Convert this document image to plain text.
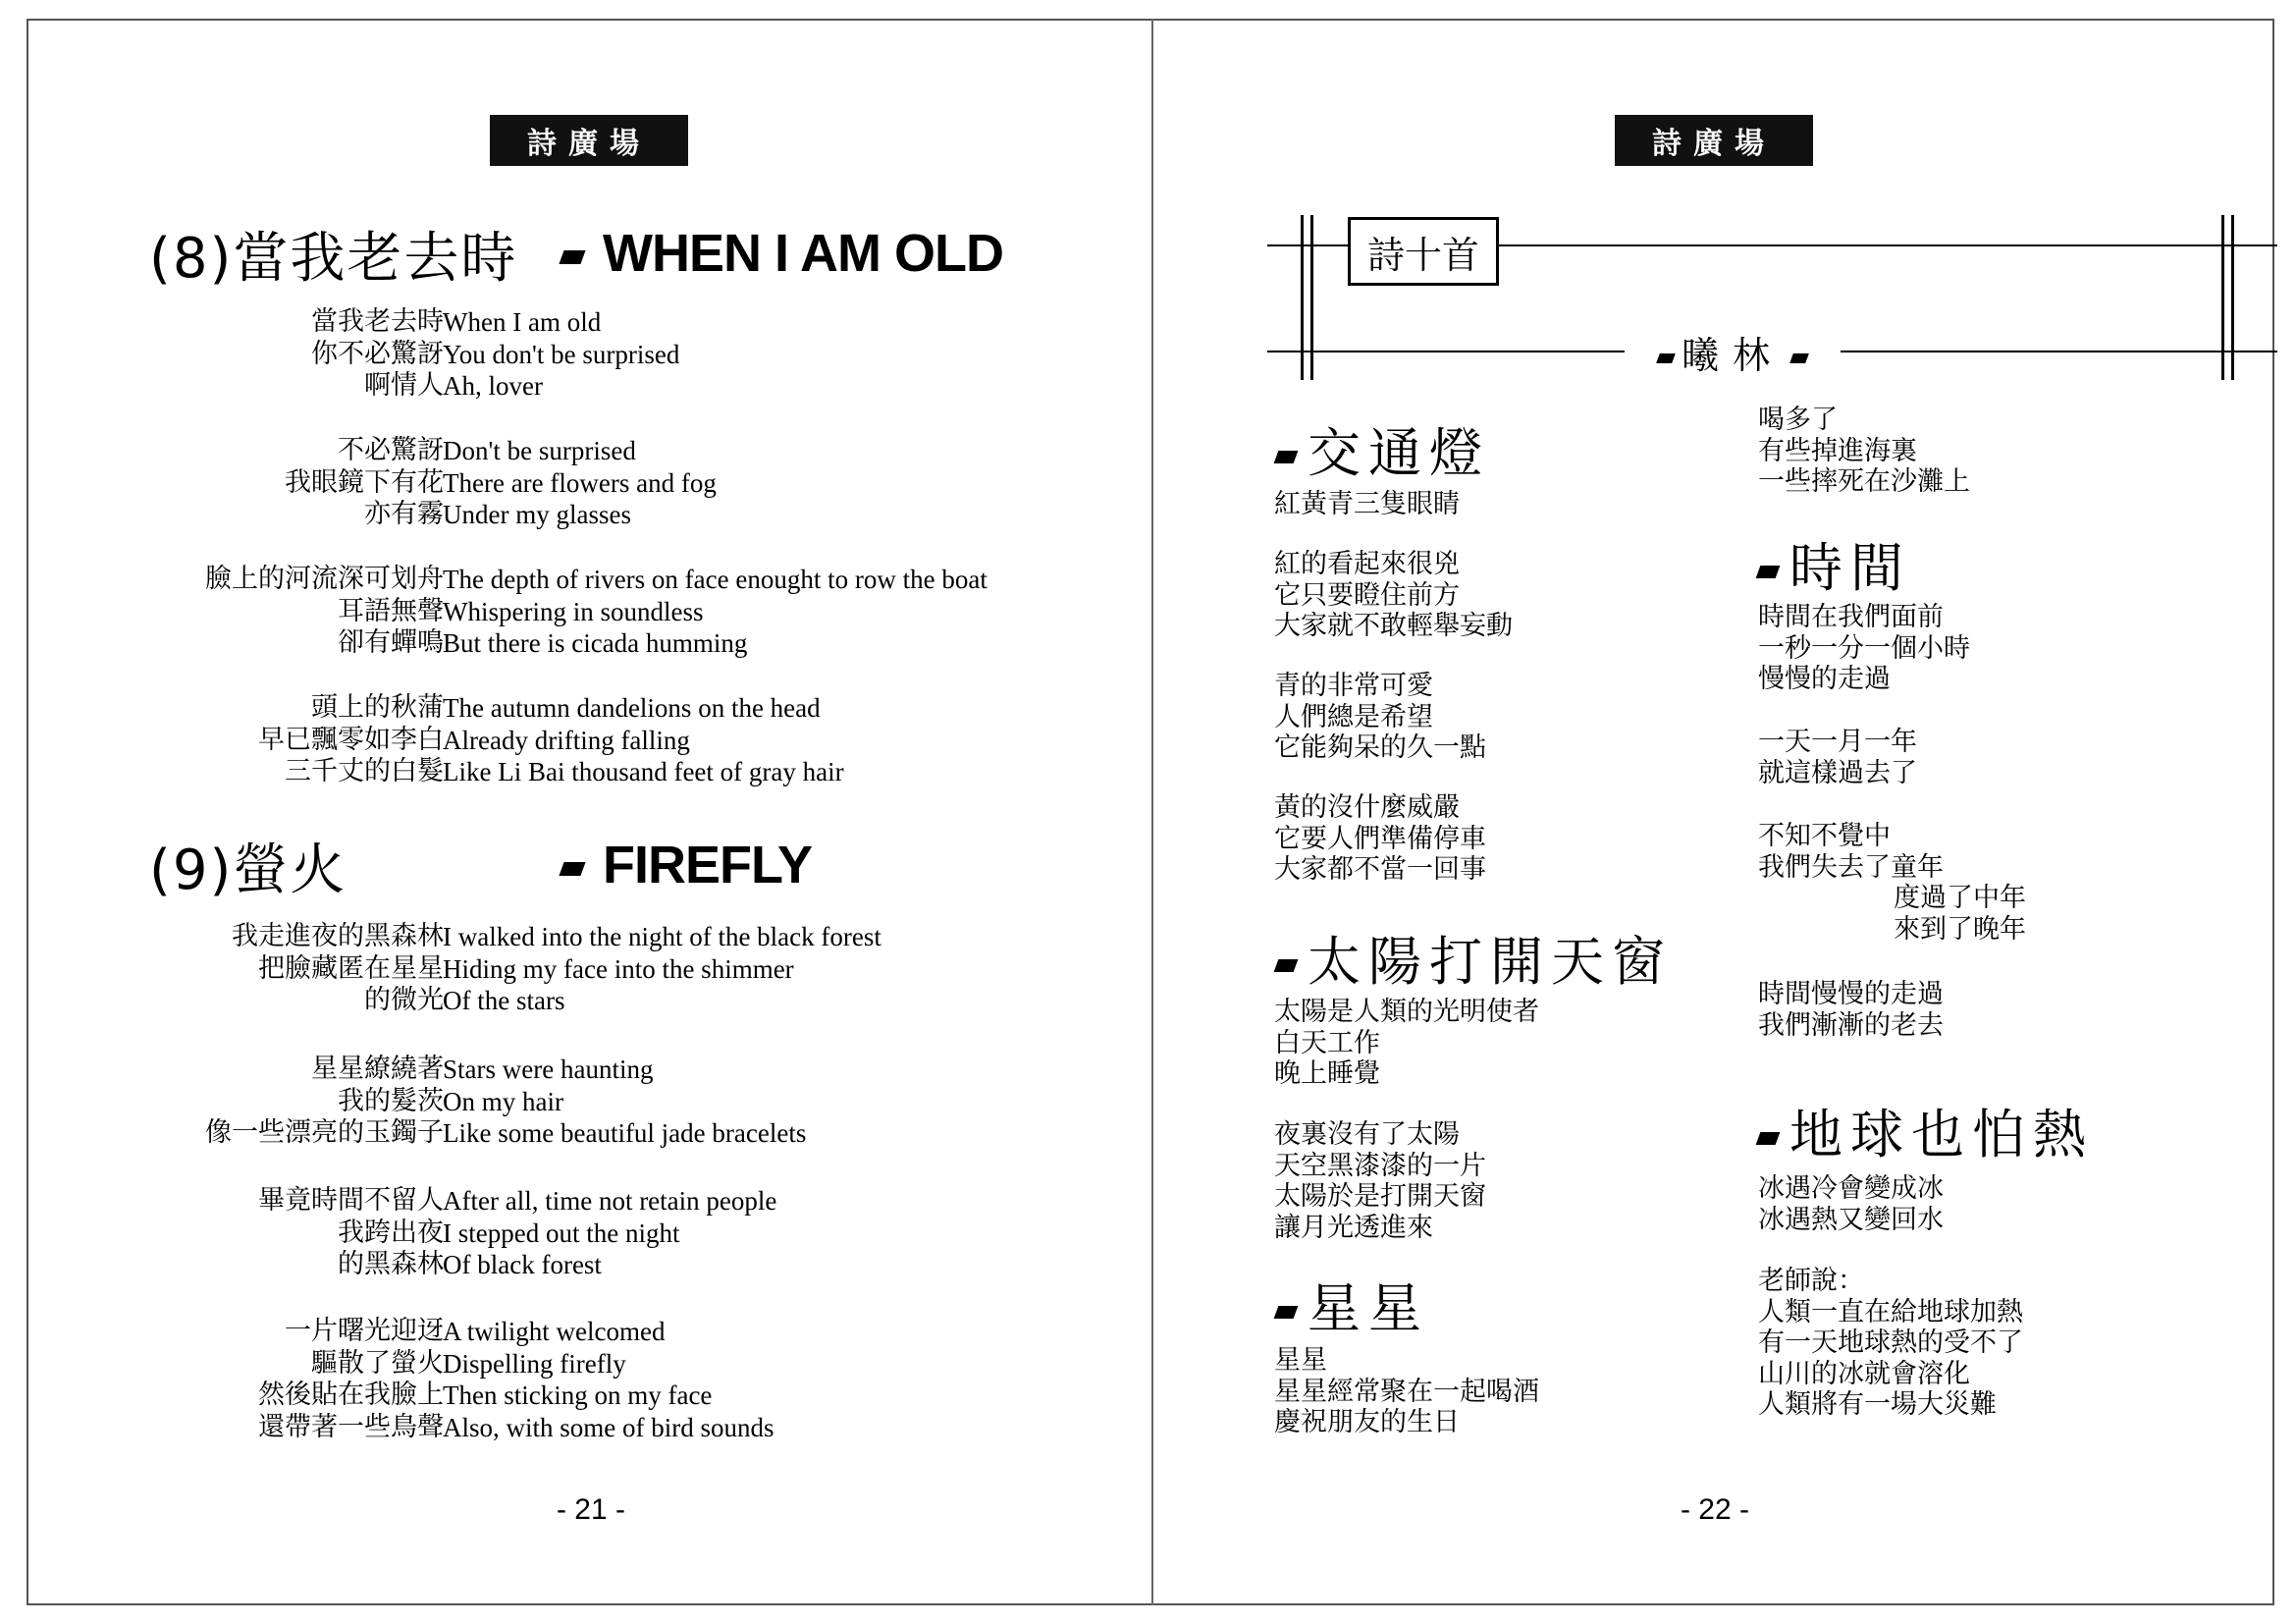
詩廣場
(8)當我老去時	WHEN I AM OLD
當我老去時 When I am old
你不必驚訝 You don't be surprised
啊情人 Ah, lover
不必驚訝 Don't be surprised
我眼鏡下有花 There are flowers and fog
亦有霧 Under my glasses
臉上的河流深可划舟 The depth of rivers on face enought to row the boat
耳語無聲 Whispering in soundless
卻有蟬鳴 But there is cicada humming
頭上的秋蒲 The autumn dandelions on the head
早已飄零如李白 Already drifting falling
三千丈的白髮 Like Li Bai thousand feet of gray hair
(9)螢火	FIREFLY
我走進夜的黑森林 I walked into the night of the black forest
把臉藏匿在星星 Hiding my face into the shimmer
的微光 Of the stars
星星繚繞著 Stars were haunting
我的髮茨 On my hair
像一些漂亮的玉鐲子 Like some beautiful jade bracelets
畢竟時間不留人 After all, time not retain people
我跨出夜 I stepped out the night
的黑森林 Of black forest
一片曙光迎迓 A twilight welcomed
驅散了螢火 Dispelling firefly
然後貼在我臉上 Then sticking on my face
還帶著一些鳥聲 Also, with some of bird sounds
- 21 -
詩廣場
詩十首
曦林
交通燈
紅黃青三隻眼睛
紅的看起來很兇
它只要瞪住前方
大家就不敢輕舉妄動
青的非常可愛
人們總是希望
它能夠呆的久一點
黃的沒什麼威嚴
它要人們準備停車
大家都不當一回事
太陽打開天窗
太陽是人類的光明使者
白天工作
晚上睡覺
夜裏沒有了太陽
天空黑漆漆的一片
太陽於是打開天窗
讓月光透進來
星星
星星
星星經常聚在一起喝酒
慶祝朋友的生日
喝多了
有些掉進海裏
一些摔死在沙灘上
時間
時間在我們面前
一秒一分一個小時
慢慢的走過
一天一月一年
就這樣過去了
不知不覺中
我們失去了童年
度過了中年
來到了晚年
時間慢慢的走過
我們漸漸的老去
地球也怕熱
冰遇冷會變成冰
冰遇熱又變回水
老師說：
人類一直在給地球加熱
有一天地球熱的受不了
山川的冰就會溶化
人類將有一場大災難
- 22 -
